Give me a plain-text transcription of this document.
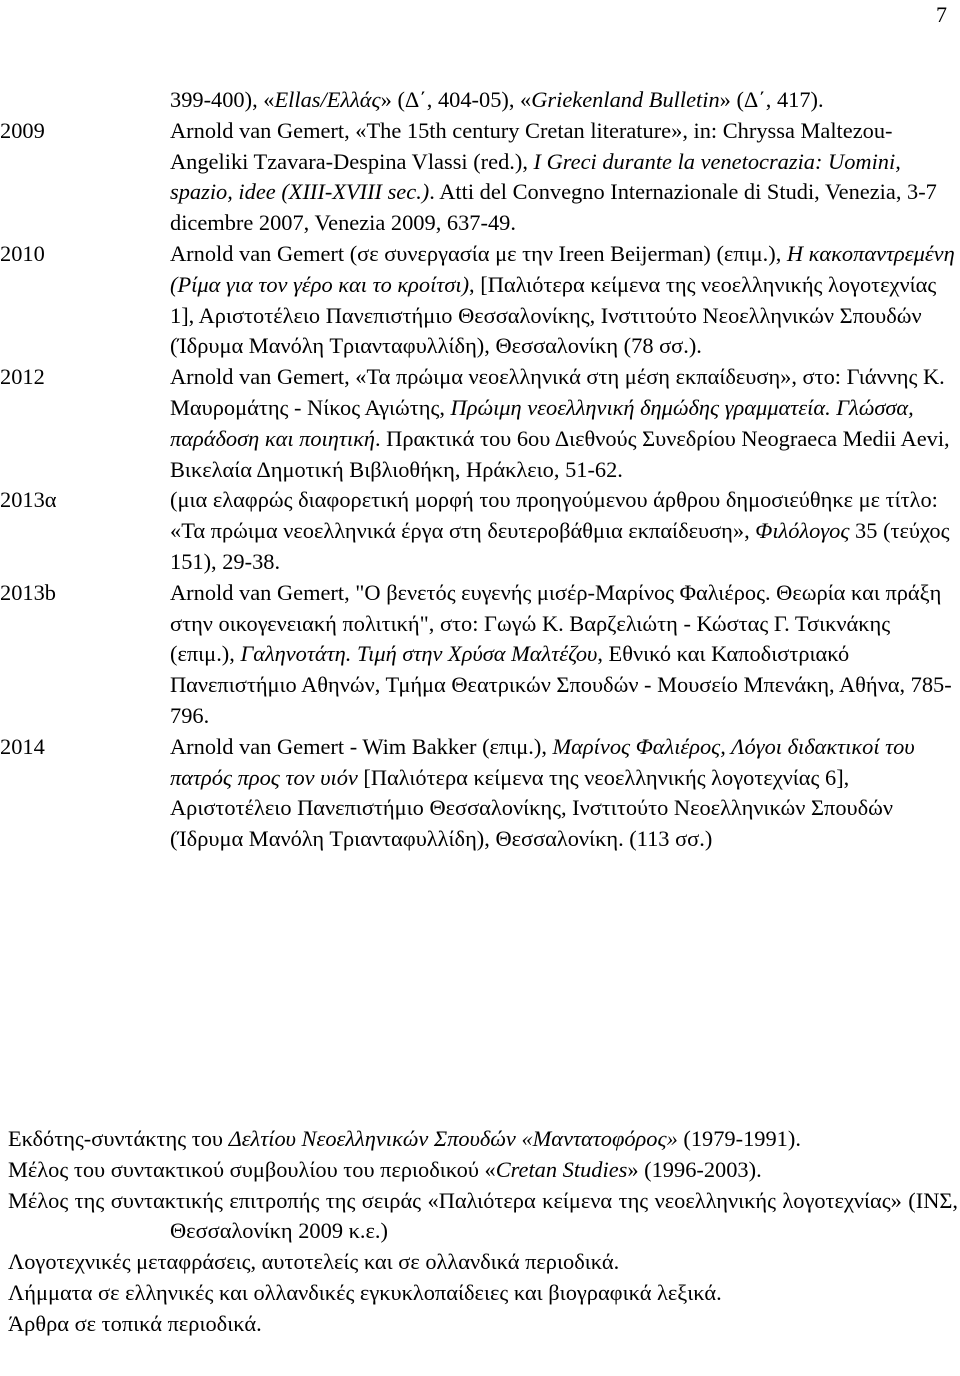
7
399-400), «Ellas/Ελλάς» (Δ΄, 404-05), «Griekenland Bulletin» (Δ΄, 417).
2009	Arnold van Gemert, «The 15th century Cretan literature», in: Chryssa Maltezou-Angeliki Tzavara-Despina Vlassi (red.), I Greci durante la venetocrazia: Uomini, spazio, idee (XIII-XVIII sec.). Atti del Convegno Internazionale di Studi, Venezia, 3-7 dicembre 2007, Venezia 2009, 637-49.
2010	Arnold van Gemert (σε συνεργασία με την Ireen Beijerman) (επιμ.), Η κακοπαντρεμένη (Ρίμα για τον γέρο και το κροίτσι), [Παλιότερα κείμενα της νεοελληνικής λογοτεχνίας 1], Αριστοτέλειο Πανεπιστήμιο Θεσσαλονίκης, Ινστιτούτο Νεοελληνικών Σπουδών (Ίδρυμα Μανόλη Τριανταφυλλίδη), Θεσσαλονίκη (78 σσ.).
2012	Arnold van Gemert, «Τα πρώιμα νεοελληνικά στη μέση εκπαίδευση», στο: Γιάννης Κ. Μαυρομάτης - Νίκος Αγιώτης, Πρώιμη νεοελληνική δημώδης γραμματεία. Γλώσσα, παράδοση και ποιητική. Πρακτικά του 6ου Διεθνούς Συνεδρίου Neograeca Medii Aevi, Βικελαία Δημοτική Βιβλιοθήκη, Ηράκλειο, 51-62.
2013α	(μια ελαφρώς διαφορετική μορφή του προηγούμενου άρθρου δημοσιεύθηκε με τίτλο: «Τα πρώιμα νεοελληνικά έργα στη δευτεροβάθμια εκπαίδευση», Φιλόλογος 35 (τεύχος 151), 29-38.
2013b	Arnold van Gemert, "Ο βενετός ευγενής μισέρ-Μαρίνος Φαλιέρος. Θεωρία και πράξη στην οικογενειακή πολιτική", στο: Γωγώ Κ. Βαρζελιώτη - Κώστας Γ. Τσικνάκης (επιμ.), Γαληνοτάτη. Τιμή στην Χρύσα Μαλτέζου, Εθνικό και Καποδιστριακό Πανεπιστήμιο Αθηνών, Τμήμα Θεατρικών Σπουδών - Μουσείο Μπενάκη, Αθήνα, 785-796.
2014	Arnold van Gemert - Wim Bakker (επιμ.), Μαρίνος Φαλιέρος, Λόγοι διδακτικοί του πατρός προς τον υιόν [Παλιότερα κείμενα της νεοελληνικής λογοτεχνίας 6], Αριστοτέλειο Πανεπιστήμιο Θεσσαλονίκης, Ινστιτούτο Νεοελληνικών Σπουδών (Ίδρυμα Μανόλη Τριανταφυλλίδη), Θεσσαλονίκη. (113 σσ.)
Εκδότης-συντάκτης του Δελτίου Νεοελληνικών Σπουδών «Μαντατοφόρος» (1979-1991).
Μέλος του συντακτικού συμβουλίου του περιοδικού «Cretan Studies» (1996-2003).
Μέλος της συντακτικής επιτροπής της σειράς «Παλιότερα κείμενα της νεοελληνικής λογοτεχνίας» (ΙΝΣ, Θεσσαλονίκη 2009 κ.ε.)
Λογοτεχνικές μεταφράσεις, αυτοτελείς και σε ολλανδικά περιοδικά.
Λήμματα σε ελληνικές και ολλανδικές εγκυκλοπαίδειες και βιογραφικά λεξικά.
Άρθρα σε τοπικά περιοδικά.
